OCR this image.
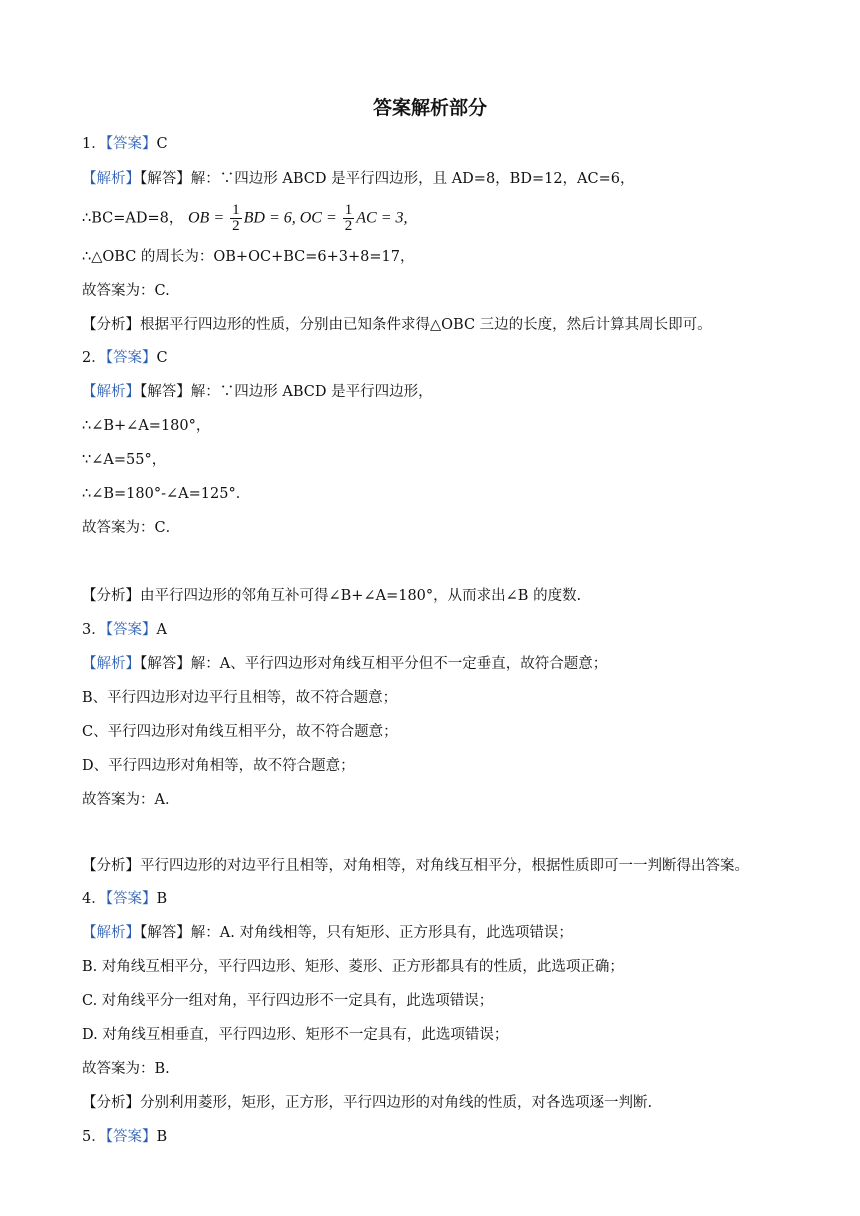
答案解析部分
1．【答案】C
【解析】【解答】解：∵四边形 ABCD 是平行四边形，且 AD=8，BD=12，AC=6，
∴BC=AD=8， OB = $\frac{1}{2}$ BD = 6, OC = $\frac{1}{2}$ AC = 3,
∴△OBC 的周长为：OB+OC+BC=6+3+8=17，
故答案为：C.
【分析】根据平行四边形的性质，分别由已知条件求得△OBC 三边的长度，然后计算其周长即可。
2．【答案】C
【解析】【解答】解：∵四边形 ABCD 是平行四边形，
∴∠B+∠A=180°，
∵∠A=55°，
∴∠B=180°-∠A=125°．
故答案为：C．
【分析】由平行四边形的邻角互补可得∠B+∠A=180°，从而求出∠B 的度数.
3．【答案】A
【解析】【解答】解：A、平行四边形对角线互相平分但不一定垂直，故符合题意；
B、平行四边形对边平行且相等，故不符合题意；
C、平行四边形对角线互相平分，故不符合题意；
D、平行四边形对角相等，故不符合题意；
故答案为：A．
【分析】平行四边形的对边平行且相等，对角相等，对角线互相平分，根据性质即可一一判断得出答案。
4．【答案】B
【解析】【解答】解：A. 对角线相等，只有矩形、正方形具有，此选项错误；
B. 对角线互相平分，平行四边形、矩形、菱形、正方形都具有的性质，此选项正确；
C. 对角线平分一组对角，平行四边形不一定具有，此选项错误；
D. 对角线互相垂直，平行四边形、矩形不一定具有，此选项错误；
故答案为：B.
【分析】分别利用菱形，矩形，正方形，平行四边形的对角线的性质，对各选项逐一判断.
5．【答案】B
